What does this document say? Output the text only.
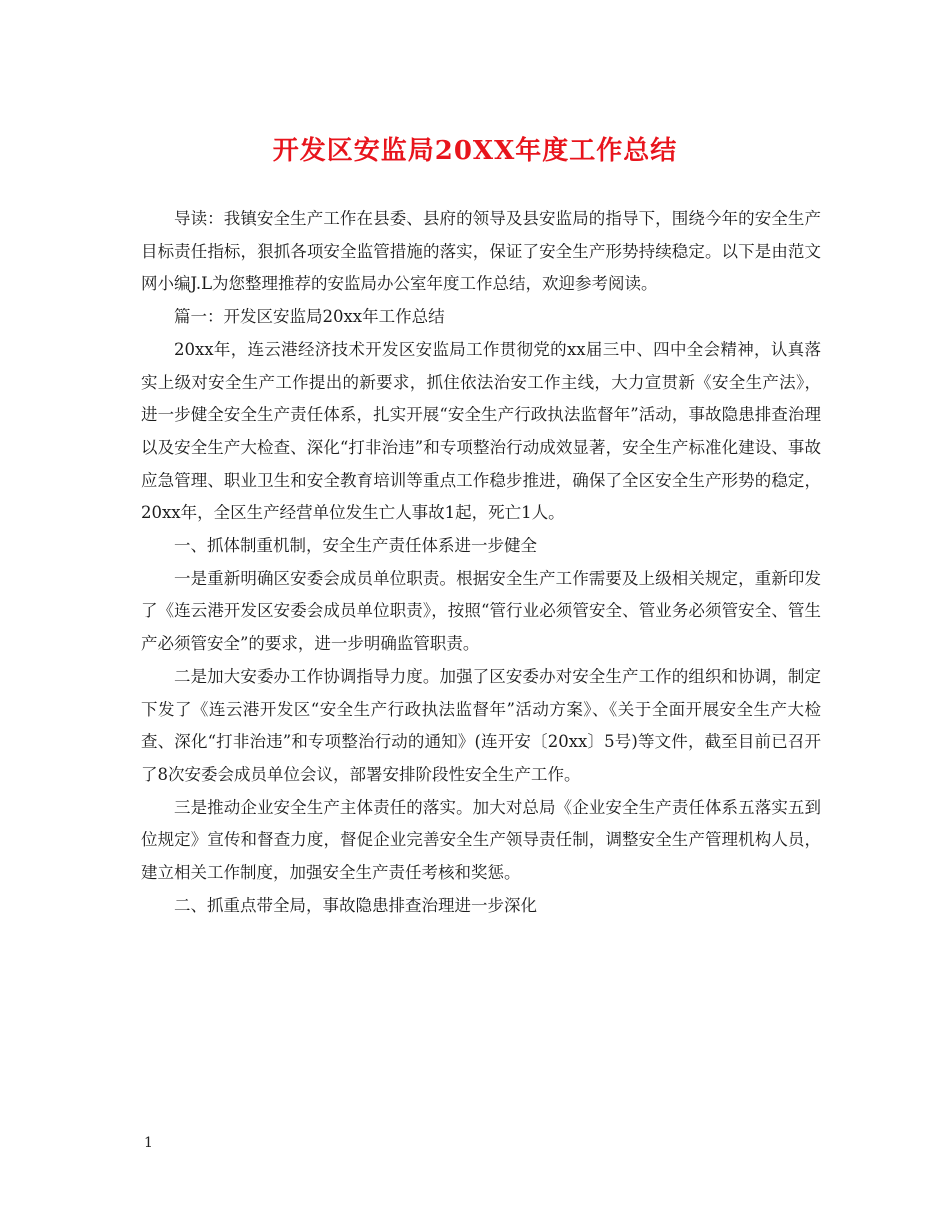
开发区安监局20XX年度工作总结

导读：我镇安全生产工作在县委、县府的领导及县安监局的指导下，围绕今年的安全生产目标责任指标，狠抓各项安全监管措施的落实，保证了安全生产形势持续稳定。以下是由范文网小编J.L为您整理推荐的安监局办公室年度工作总结，欢迎参考阅读。

篇一：开发区安监局20xx年工作总结

20xx年，连云港经济技术开发区安监局工作贯彻党的xx届三中、四中全会精神，认真落实上级对安全生产工作提出的新要求，抓住依法治安工作主线，大力宣贯新《安全生产法》，进一步健全安全生产责任体系，扎实开展“安全生产行政执法监督年”活动，事故隐患排查治理以及安全生产大检查、深化“打非治违”和专项整治行动成效显著，安全生产标准化建设、事故应急管理、职业卫生和安全教育培训等重点工作稳步推进，确保了全区安全生产形势的稳定，20xx年，全区生产经营单位发生亡人事故1起，死亡1人。

一、抓体制重机制，安全生产责任体系进一步健全

一是重新明确区安委会成员单位职责。根据安全生产工作需要及上级相关规定，重新印发了《连云港开发区安委会成员单位职责》，按照“管行业必须管安全、管业务必须管安全、管生产必须管安全”的要求，进一步明确监管职责。

二是加大安委办工作协调指导力度。加强了区安委办对安全生产工作的组织和协调，制定下发了《连云港开发区“安全生产行政执法监督年”活动方案》、《关于全面开展安全生产大检查、深化“打非治违”和专项整治行动的通知》(连开安〔20xx〕5号)等文件，截至目前已召开了8次安委会成员单位会议，部署安排阶段性安全生产工作。

三是推动企业安全生产主体责任的落实。加大对总局《企业安全生产责任体系五落实五到位规定》宣传和督查力度，督促企业完善安全生产领导责任制，调整安全生产管理机构人员，建立相关工作制度，加强安全生产责任考核和奖惩。

二、抓重点带全局，事故隐患排查治理进一步深化

1
